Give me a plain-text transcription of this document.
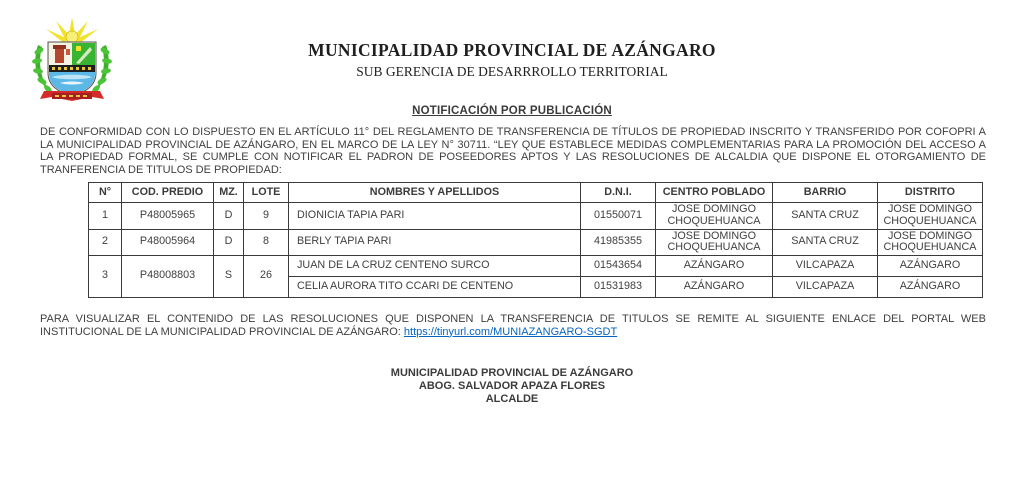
MUNICIPALIDAD PROVINCIAL DE AZÁNGARO
SUB GERENCIA DE DESARRROLLO TERRITORIAL
NOTIFICACIÓN POR PUBLICACIÓN

DE CONFORMIDAD CON LO DISPUESTO EN EL ARTÍCULO 11° DEL REGLAMENTO DE TRANSFERENCIA DE TÍTULOS DE PROPIEDAD INSCRITO Y TRANSFERIDO POR COFOPRI A LA MUNICIPALIDAD PROVINCIAL DE AZÁNGARO, EN EL MARCO DE LA LEY N° 30711. “LEY QUE ESTABLECE MEDIDAS COMPLEMENTARIAS PARA LA PROMOCIÓN DEL ACCESO A LA PROPIEDAD FORMAL, SE CUMPLE CON NOTIFICAR EL PADRON DE POSEEDORES APTOS Y LAS RESOLUCIONES DE ALCALDIA QUE DISPONE EL OTORGAMIENTO DE TRANFERENCIA DE TITULOS DE PROPIEDAD:

N°	COD. PREDIO	MZ.	LOTE	NOMBRES Y APELLIDOS	D.N.I.	CENTRO POBLADO	BARRIO	DISTRITO
1	P48005965	D	9	DIONICIA TAPIA PARI	01550071	JOSE DOMINGO CHOQUEHUANCA	SANTA CRUZ	JOSE DOMINGO CHOQUEHUANCA
2	P48005964	D	8	BERLY TAPIA PARI	41985355	JOSE DOMINGO CHOQUEHUANCA	SANTA CRUZ	JOSE DOMINGO CHOQUEHUANCA
3	P48008803	S	26	JUAN DE LA CRUZ CENTENO SURCO	01543654	AZÁNGARO	VILCAPAZA	AZÁNGARO
				CELIA AURORA TITO CCARI DE CENTENO	01531983	AZÁNGARO	VILCAPAZA	AZÁNGARO

PARA VISUALIZAR EL CONTENIDO DE LAS RESOLUCIONES QUE DISPONEN LA TRANSFERENCIA DE TITULOS SE REMITE AL SIGUIENTE ENLACE DEL PORTAL WEB INSTITUCIONAL DE LA MUNICIPALIDAD PROVINCIAL DE AZÁNGARO: https://tinyurl.com/MUNIAZANGARO-SGDT

MUNICIPALIDAD PROVINCIAL DE AZÁNGARO
ABOG. SALVADOR APAZA FLORES
ALCALDE
